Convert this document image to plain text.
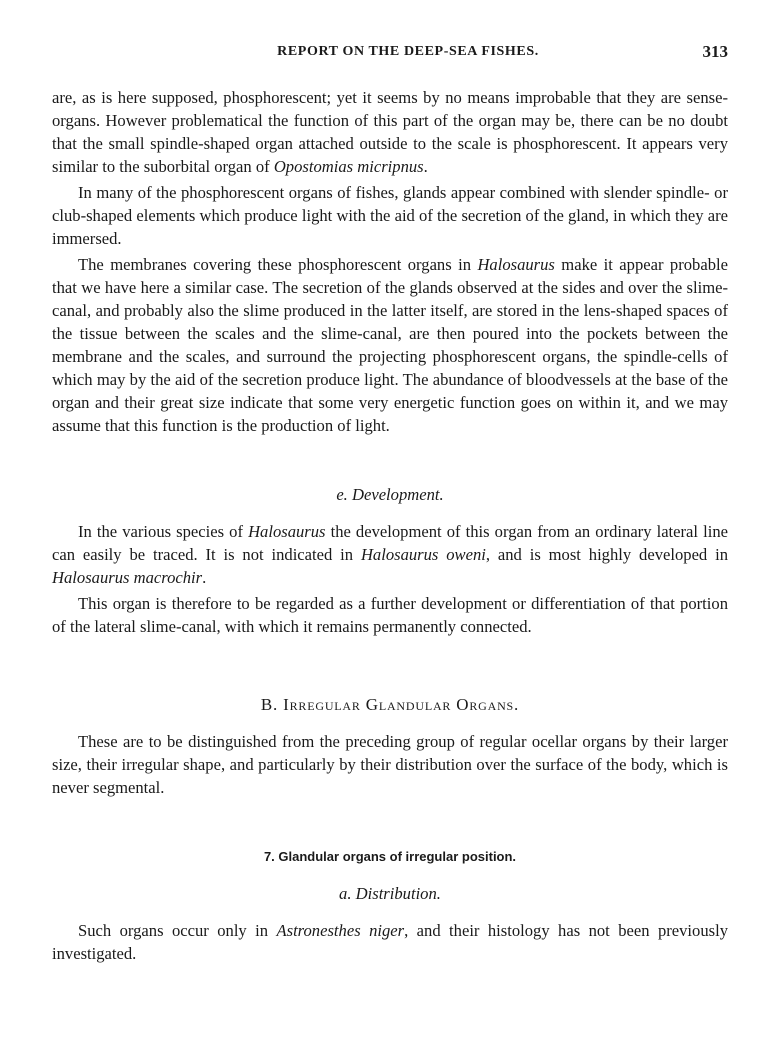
REPORT ON THE DEEP-SEA FISHES.	313

are, as is here supposed, phosphorescent; yet it seems by no means improbable that they are sense-organs. However problematical the function of this part of the organ may be, there can be no doubt that the small spindle-shaped organ attached outside to the scale is phosphorescent. It appears very similar to the suborbital organ of Opostomias micripnus.

In many of the phosphorescent organs of fishes, glands appear combined with slender spindle- or club-shaped elements which produce light with the aid of the secretion of the gland, in which they are immersed.

The membranes covering these phosphorescent organs in Halosaurus make it appear probable that we have here a similar case. The secretion of the glands observed at the sides and over the slime-canal, and probably also the slime produced in the latter itself, are stored in the lens-shaped spaces of the tissue between the scales and the slime-canal, are then poured into the pockets between the membrane and the scales, and surround the projecting phosphorescent organs, the spindle-cells of which may by the aid of the secretion produce light. The abundance of bloodvessels at the base of the organ and their great size indicate that some very energetic function goes on within it, and we may assume that this function is the production of light.

e. Development.

In the various species of Halosaurus the development of this organ from an ordinary lateral line can easily be traced. It is not indicated in Halosaurus oweni, and is most highly developed in Halosaurus macrochir.

This organ is therefore to be regarded as a further development or differentiation of that portion of the lateral slime-canal, with which it remains permanently connected.

B. Irregular Glandular Organs.

These are to be distinguished from the preceding group of regular ocellar organs by their larger size, their irregular shape, and particularly by their distribution over the surface of the body, which is never segmental.

7. Glandular organs of irregular position.

a. Distribution.

Such organs occur only in Astronesthes niger, and their histology has not been previously investigated.
